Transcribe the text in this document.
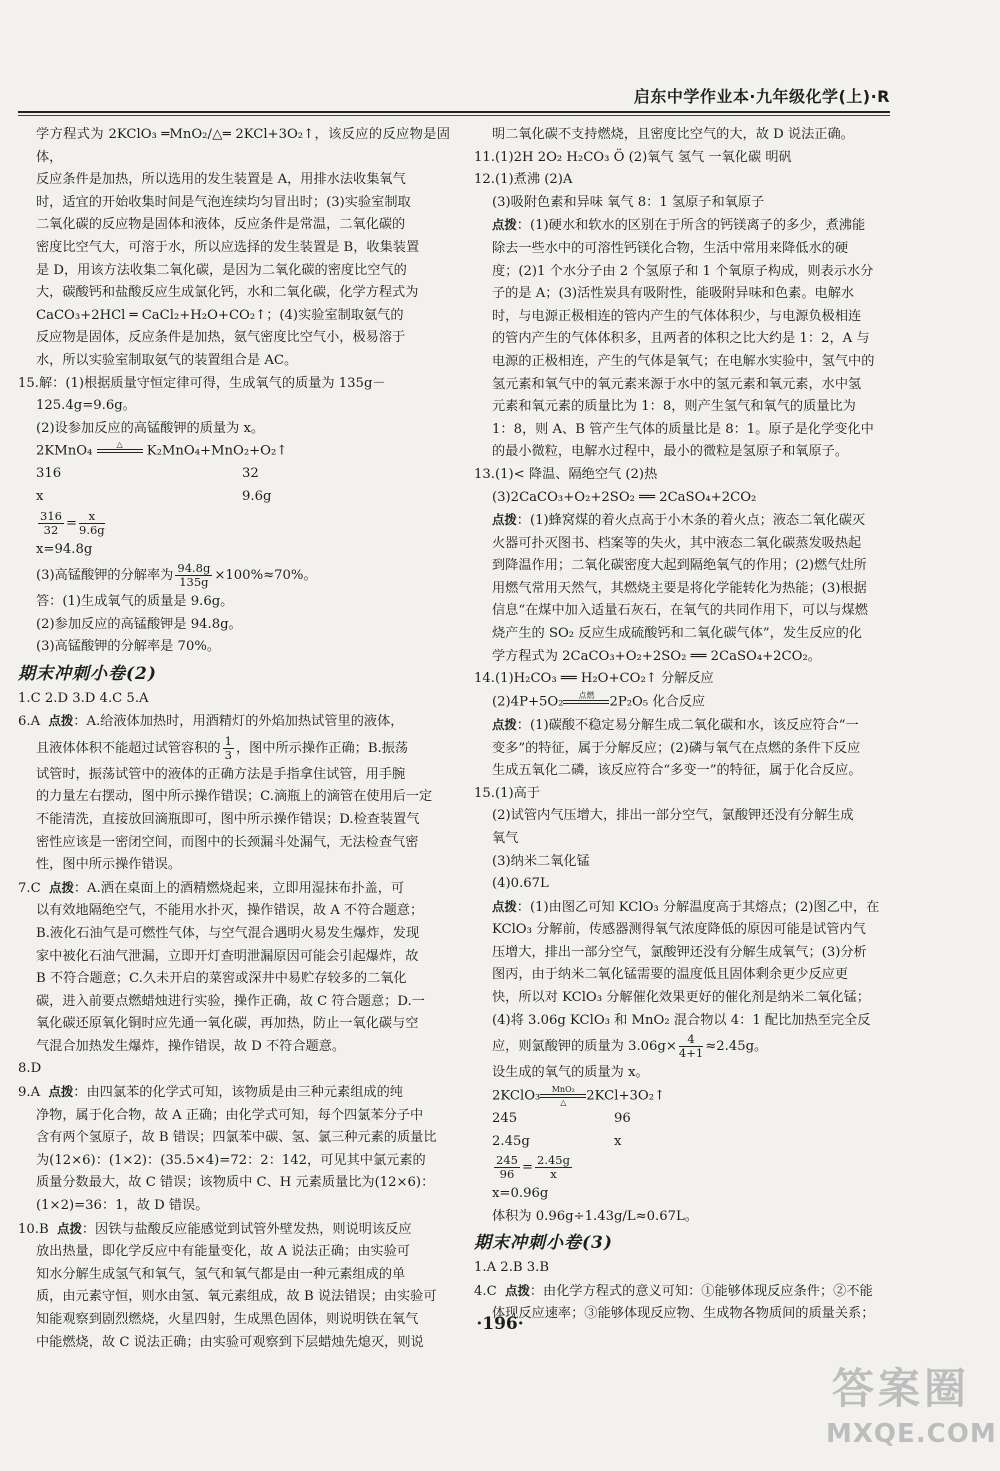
启东中学作业本·九年级化学(上)·R

学方程式为 2KClO₃ ═MnO₂/△═ 2KCl+3O₂↑，该反应的反应物是固体，

反应条件是加热，所以选用的发生装置是 A，用排水法收集氧气

时，适宜的开始收集时间是气泡连续均匀冒出时；(3)实验室制取

二氧化碳的反应物是固体和液体，反应条件是常温，二氧化碳的

密度比空气大，可溶于水，所以应选择的发生装置是 B，收集装置

是 D，用该方法收集二氧化碳，是因为二氧化碳的密度比空气的

大，碳酸钙和盐酸反应生成氯化钙，水和二氧化碳，化学方程式为

CaCO₃+2HCl ═ CaCl₂+H₂O+CO₂↑；(4)实验室制取氨气的

反应物是固体，反应条件是加热，氨气密度比空气小，极易溶于

水，所以实验室制取氨气的装置组合是 AC。

15.解：(1)根据质量守恒定律可得，生成氧气的质量为 135g－

125.4g=9.6g。

(2)设参加反应的高锰酸钾的质量为 x。

2KMnO₄	△
	K₂MnO₄+MnO₂+O₂↑

316	32

x	9.6g

$\frac{316}{32} = \frac{x}{9.6g}$

x=94.8g

(3)高锰酸钾的分解率为 $\frac{94.8g}{135g} \times 100\%\approx 70\%$。

答：(1)生成氧气的质量是 9.6g。

(2)参加反应的高锰酸钾是 94.8g。

(3)高锰酸钾的分解率是 70%。

期末冲刺小卷(2)

1.C 2.D 3.D 4.C 5.A

6.A 点拨：A.给液体加热时，用酒精灯的外焰加热试管里的液体，

且液体体积不能超过试管容积的 $\frac{1}{3}$ ，图中所示操作正确；B.振荡

试管时，振荡试管中的液体的正确方法是手指拿住试管，用手腕

的力量左右摆动，图中所示操作错误；C.滴瓶上的滴管在使用后一定

不能清洗，直接放回滴瓶即可，图中所示操作错误；D.检查装置气

密性应该是一密闭空间，而图中的长颈漏斗处漏气，无法检查气密

性，图中所示操作错误。

7.C 点拨：A.洒在桌面上的酒精燃烧起来，立即用湿抹布扑盖，可

以有效地隔绝空气，不能用水扑灭，操作错误，故 A 不符合题意；

B.液化石油气是可燃性气体，与空气混合遇明火易发生爆炸，发现

家中被化石油气泄漏，立即开灯查明泄漏原因可能会引起爆炸，故

B 不符合题意；C.久未开启的菜窖或深井中易贮存较多的二氧化

碳，进入前要点燃蜡烛进行实验，操作正确，故 C 符合题意；D.一

氧化碳还原氧化铜时应先通一氧化碳，再加热，防止一氧化碳与空

气混合加热发生爆炸，操作错误，故 D 不符合题意。

8.D

9.A 点拨：由四氯苯的化学式可知，该物质是由三种元素组成的纯

净物，属于化合物，故 A 正确；由化学式可知，每个四氯苯分子中

含有两个氢原子，故 B 错误；四氯苯中碳、氢、氯三种元素的质量比

为(12×6)：(1×2)：(35.5×4)=72：2：142，可见其中氯元素的

质量分数最大，故 C 错误；该物质中 C、H 元素质量比为(12×6)：

(1×2)=36：1，故 D 错误。

10.B 点拨：因铁与盐酸反应能感觉到试管外壁发热，则说明该反应

放出热量，即化学反应中有能量变化，故 A 说法正确；由实验可

知水分解生成氢气和氧气，氢气和氧气都是由一种元素组成的单

质，由元素守恒，则水由氢、氧元素组成，故 B 说法错误；由实验可

知能观察到剧烈燃烧，火星四射，生成黑色固体，则说明铁在氧气

中能燃烧，故 C 说法正确；由实验可观察到下层蜡烛先熄灭，则说

明二氧化碳不支持燃烧，且密度比空气的大，故 D 说法正确。

11.(1)2H 2O₂ H₂CO₃ Ö (2)氧气 氢气 一氧化碳 明矾

12.(1)煮沸 (2)A

(3)吸附色素和异味 氧气 8：1 氢原子和氧原子

点拨：(1)硬水和软水的区别在于所含的钙镁离子的多少，煮沸能

除去一些水中的可溶性钙镁化合物，生活中常用来降低水的硬

度；(2)1 个水分子由 2 个氢原子和 1 个氧原子构成，则表示水分

子的是 A；(3)活性炭具有吸附性，能吸附异味和色素。电解水

时，与电源正极相连的管内产生的气体体积少，与电源负极相连

的管内产生的气体体积多，且两者的体积之比大约是 1：2，A 与

电源的正极相连，产生的气体是氧气；在电解水实验中，氢气中的

氢元素和氧气中的氧元素来源于水中的氢元素和氧元素，水中氢

元素和氧元素的质量比为 1：8，则产生氢气和氧气的质量比为

1：8，则 A、B 管产生气体的质量比是 8：1。原子是化学变化中

的最小微粒，电解水过程中，最小的微粒是氢原子和氧原子。

13.(1)< 降温、隔绝空气 (2)热

(3)2CaCO₃+O₂+2SO₂ ══ 2CaSO₄+2CO₂

点拨：(1)蜂窝煤的着火点高于小木条的着火点；液态二氧化碳灭

火器可扑灭图书、档案等的失火，其中液态二氧化碳蒸发吸热起

到降温作用；二氧化碳密度大起到隔绝氧气的作用；(2)燃气灶所

用燃气常用天然气，其燃烧主要是将化学能转化为热能；(3)根据

信息“在煤中加入适量石灰石，在氧气的共同作用下，可以与煤燃

烧产生的 SO₂ 反应生成硫酸钙和二氧化碳气体”，发生反应的化

学方程式为 2CaCO₃+O₂+2SO₂ ══ 2CaSO₄+2CO₂。

14.(1)H₂CO₃ ══ H₂O+CO₂↑ 分解反应

(2)4P+5O₂	点燃
	2P₂O₅ 化合反应

点拨：(1)碳酸不稳定易分解生成二氧化碳和水，该反应符合“一

变多”的特征，属于分解反应；(2)磷与氧气在点燃的条件下反应

生成五氧化二磷，该反应符合“多变一”的特征，属于化合反应。

15.(1)高于

(2)试管内气压增大，排出一部分空气，氯酸钾还没有分解生成

氧气

(3)纳米二氧化锰

(4)0.67L

点拨：(1)由图乙可知 KClO₃ 分解温度高于其熔点；(2)图乙中，在

KClO₃ 分解前，传感器测得氧气浓度降低的原因可能是试管内气

压增大，排出一部分空气，氯酸钾还没有分解生成氧气；(3)分析

图丙，由于纳米二氧化锰需要的温度低且固体剩余更少反应更

快，所以对 KClO₃ 分解催化效果更好的催化剂是纳米二氧化锰；

(4)将 3.06g KClO₃ 和 MnO₂ 混合物以 4：1 配比加热至完全反

应，则氯酸钾的质量为 $3.06g\times \frac{4}{4+1} \approx 2.45g$。

设生成的氧气的质量为 x。

2KClO₃	MnO₂
△	2KCl+3O₂↑

245	96

2.45g	x

$\frac{245}{96} = \frac{2.45g}{x}$

x=0.96g

体积为 0.96g÷1.43g/L≈0.67L。

期末冲刺小卷(3)

1.A 2.B 3.B

4.C 点拨：由化学方程式的意义可知：①能够体现反应条件；②不能

体现反应速率；③能够体现反应物、生成物各物质间的质量关系；

·196·
答案圈
MXQE.COM
